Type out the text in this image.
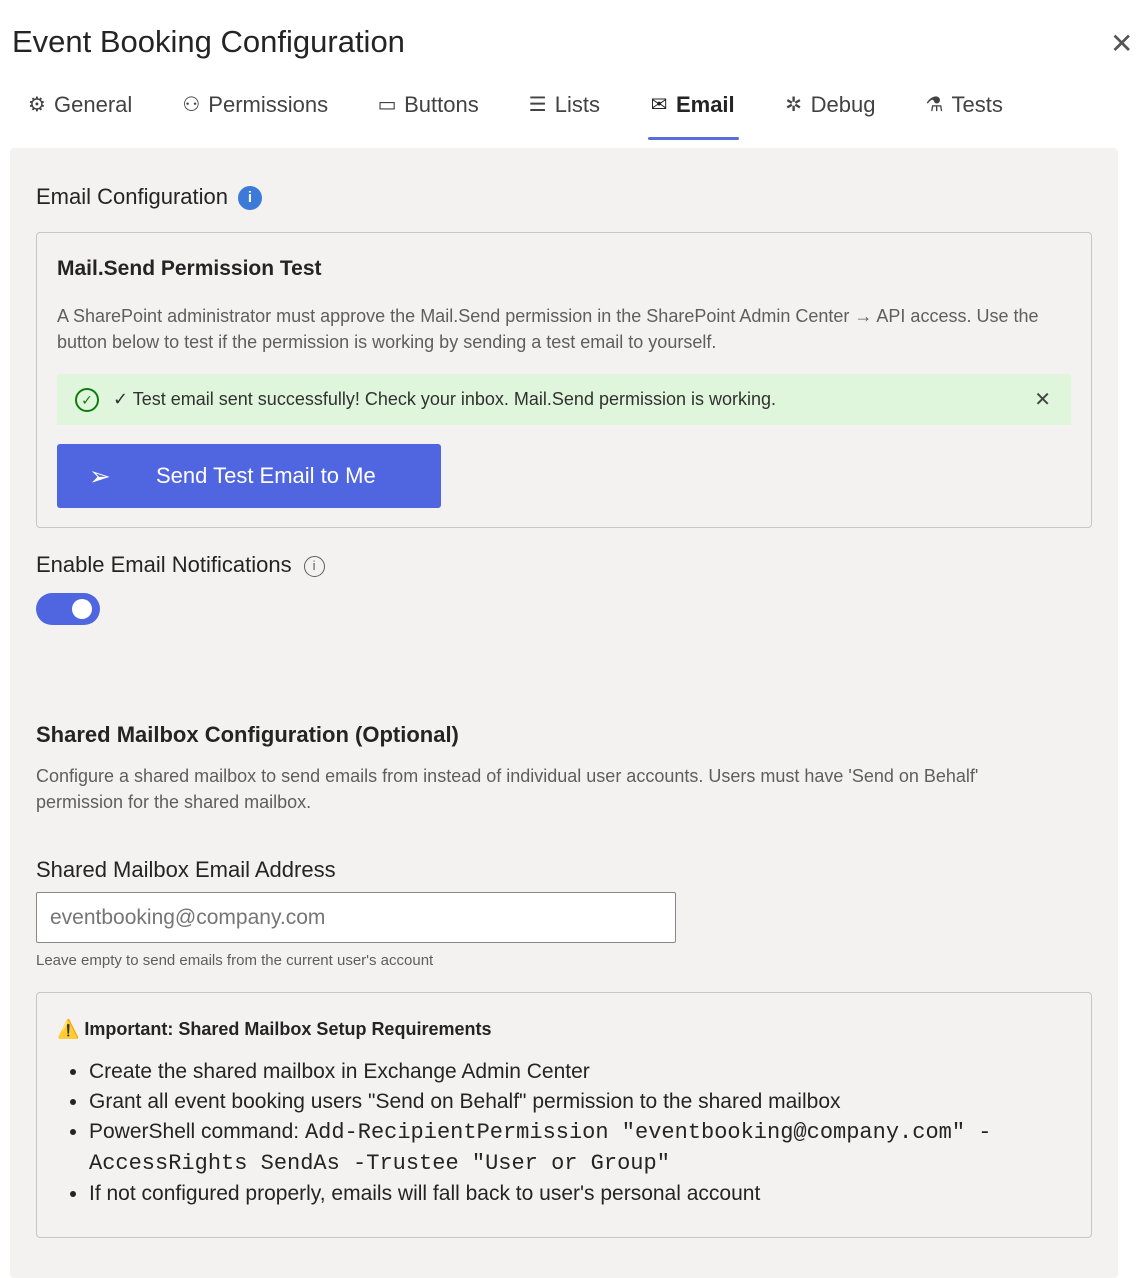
Event Booking Configuration	✕
⚙ General	⚇ Permissions ▭ Buttons	☰ Lists	✉ Email	✲ Debug	⚗ Tests
Email Configuration i
Mail.Send Permission Test
A SharePoint administrator must approve the Mail.Send permission in the SharePoint Admin Center → API access. Use the button below to test if the permission is working by sending a test email to yourself.
✓	✓ Test email sent successfully! Check your inbox. Mail.Send permission is working.	✕
➢	Send Test Email to Me
Enable Email Notifications i
Shared Mailbox Configuration (Optional)
Configure a shared mailbox to send emails from instead of individual user accounts. Users must have 'Send on Behalf' permission for the shared mailbox.
Shared Mailbox Email Address
eventbooking@company.com
Leave empty to send emails from the current user's account
⚠️ Important: Shared Mailbox Setup Requirements
• Create the shared mailbox in Exchange Admin Center
• Grant all event booking users "Send on Behalf" permission to the shared mailbox
• PowerShell command: Add-RecipientPermission "eventbooking@company.com" -AccessRights SendAs -Trustee "User or Group"
• If not configured properly, emails will fall back to user's personal account
